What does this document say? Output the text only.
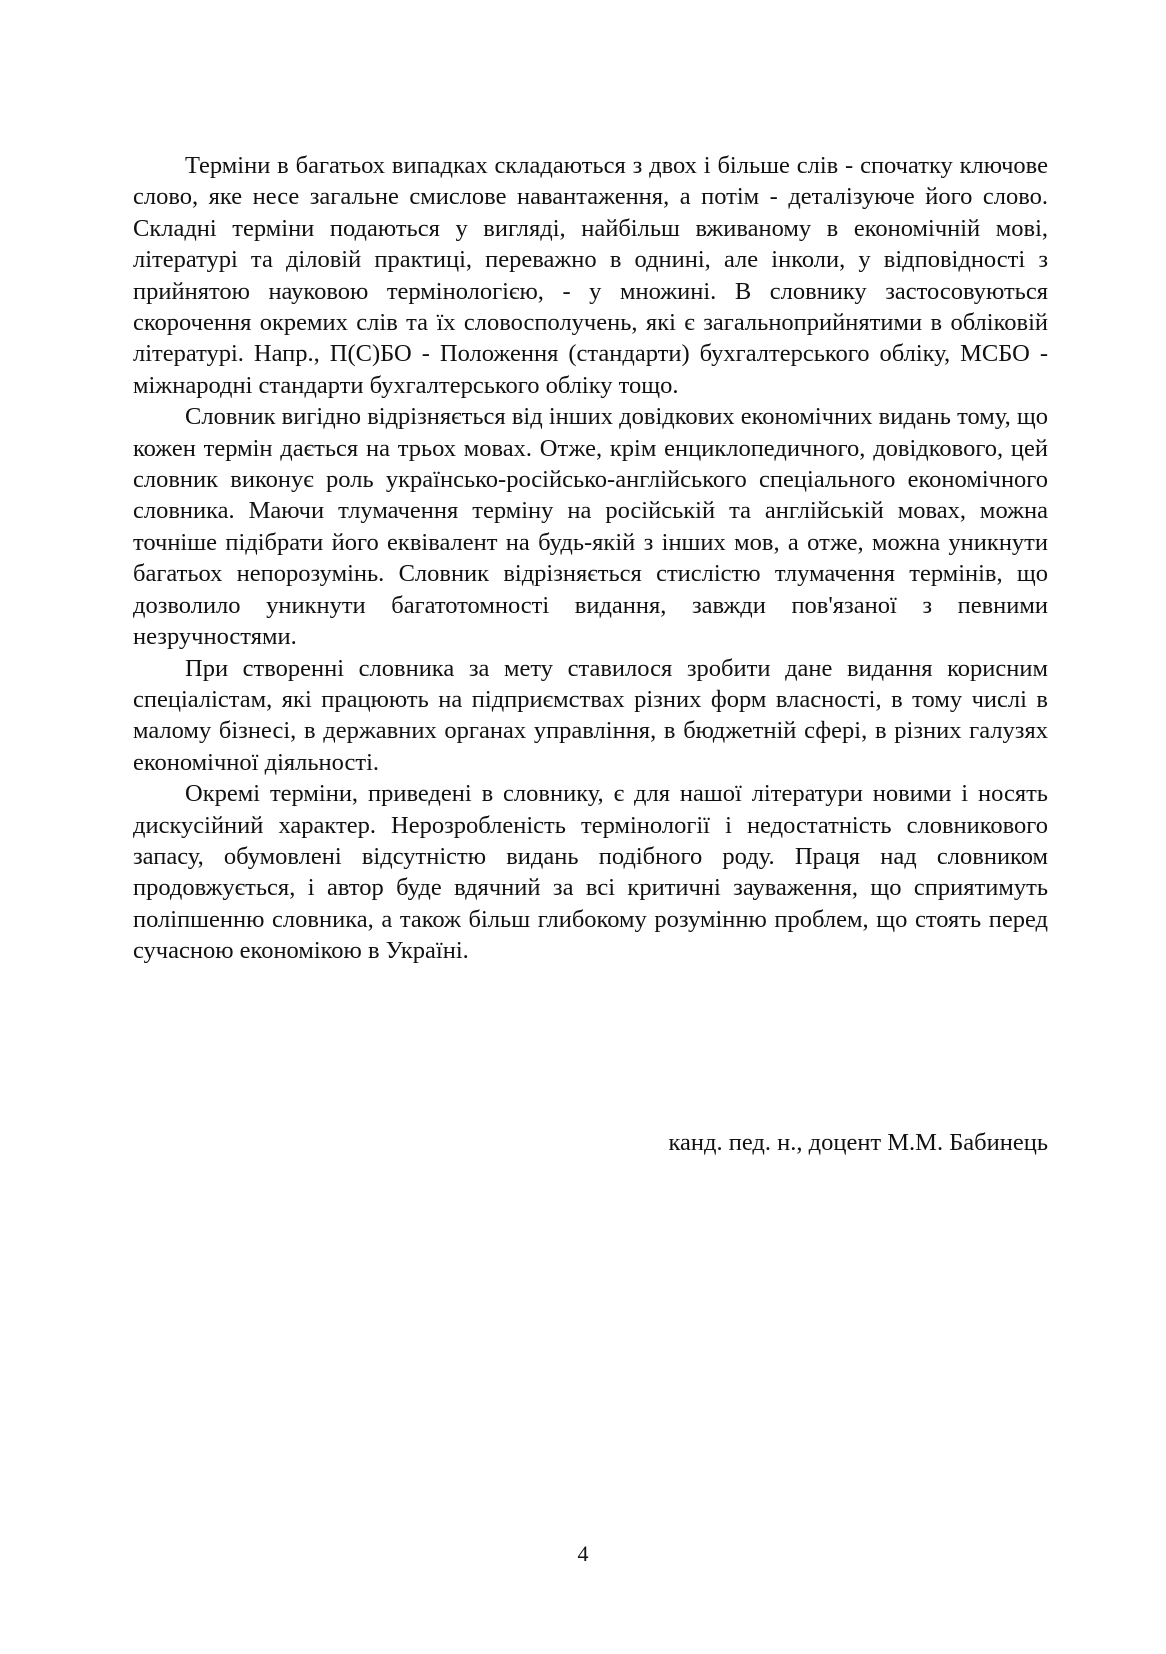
Терміни в багатьох випадках складаються з двох і більше слів - спочатку ключове слово, яке несе загальне смислове навантаження, а потім - деталізуюче його слово. Складні терміни подаються у вигляді, найбільш вживаному в економічній мові, літературі та діловій практиці, переважно в однині, але інколи, у відповідності з прийнятою науковою термінологією, - у множині. В словнику застосовуються скорочення окремих слів та їх словосполучень, які є загальноприйнятими в обліковій літературі. Напр., П(С)БО - Положення (стандарти) бухгалтерського обліку, МСБО - міжнародні стандарти бухгалтерського обліку тощо.

Словник вигідно відрізняється від інших довідкових економічних видань тому, що кожен термін дається на трьох мовах. Отже, крім енциклопедичного, довідкового, цей словник виконує роль українсько-російсько-англійського спеціального економічного словника. Маючи тлумачення терміну на російській та англійській мовах, можна точніше підібрати його еквівалент на будь-якій з інших мов, а отже, можна уникнути багатьох непорозумінь. Словник відрізняється стислістю тлумачення термінів, що дозволило уникнути багатотомності видання, завжди пов'язаної з певними незручностями.

При створенні словника за мету ставилося зробити дане видання корисним спеціалістам, які працюють на підприємствах різних форм власності, в тому числі в малому бізнесі, в державних органах управління, в бюджетній сфері, в різних галузях економічної діяльності.

Окремі терміни, приведені в словнику, є для нашої літератури новими і носять дискусійний характер. Нерозробленість термінології і недостатність словникового запасу, обумовлені відсутністю видань подібного роду. Праця над словником продовжується, і автор буде вдячний за всі критичні зауваження, що сприятимуть поліпшенню словника, а також більш глибокому розумінню проблем, що стоять перед сучасною економікою в Україні.

канд. пед. н., доцент М.М. Бабинець
4
